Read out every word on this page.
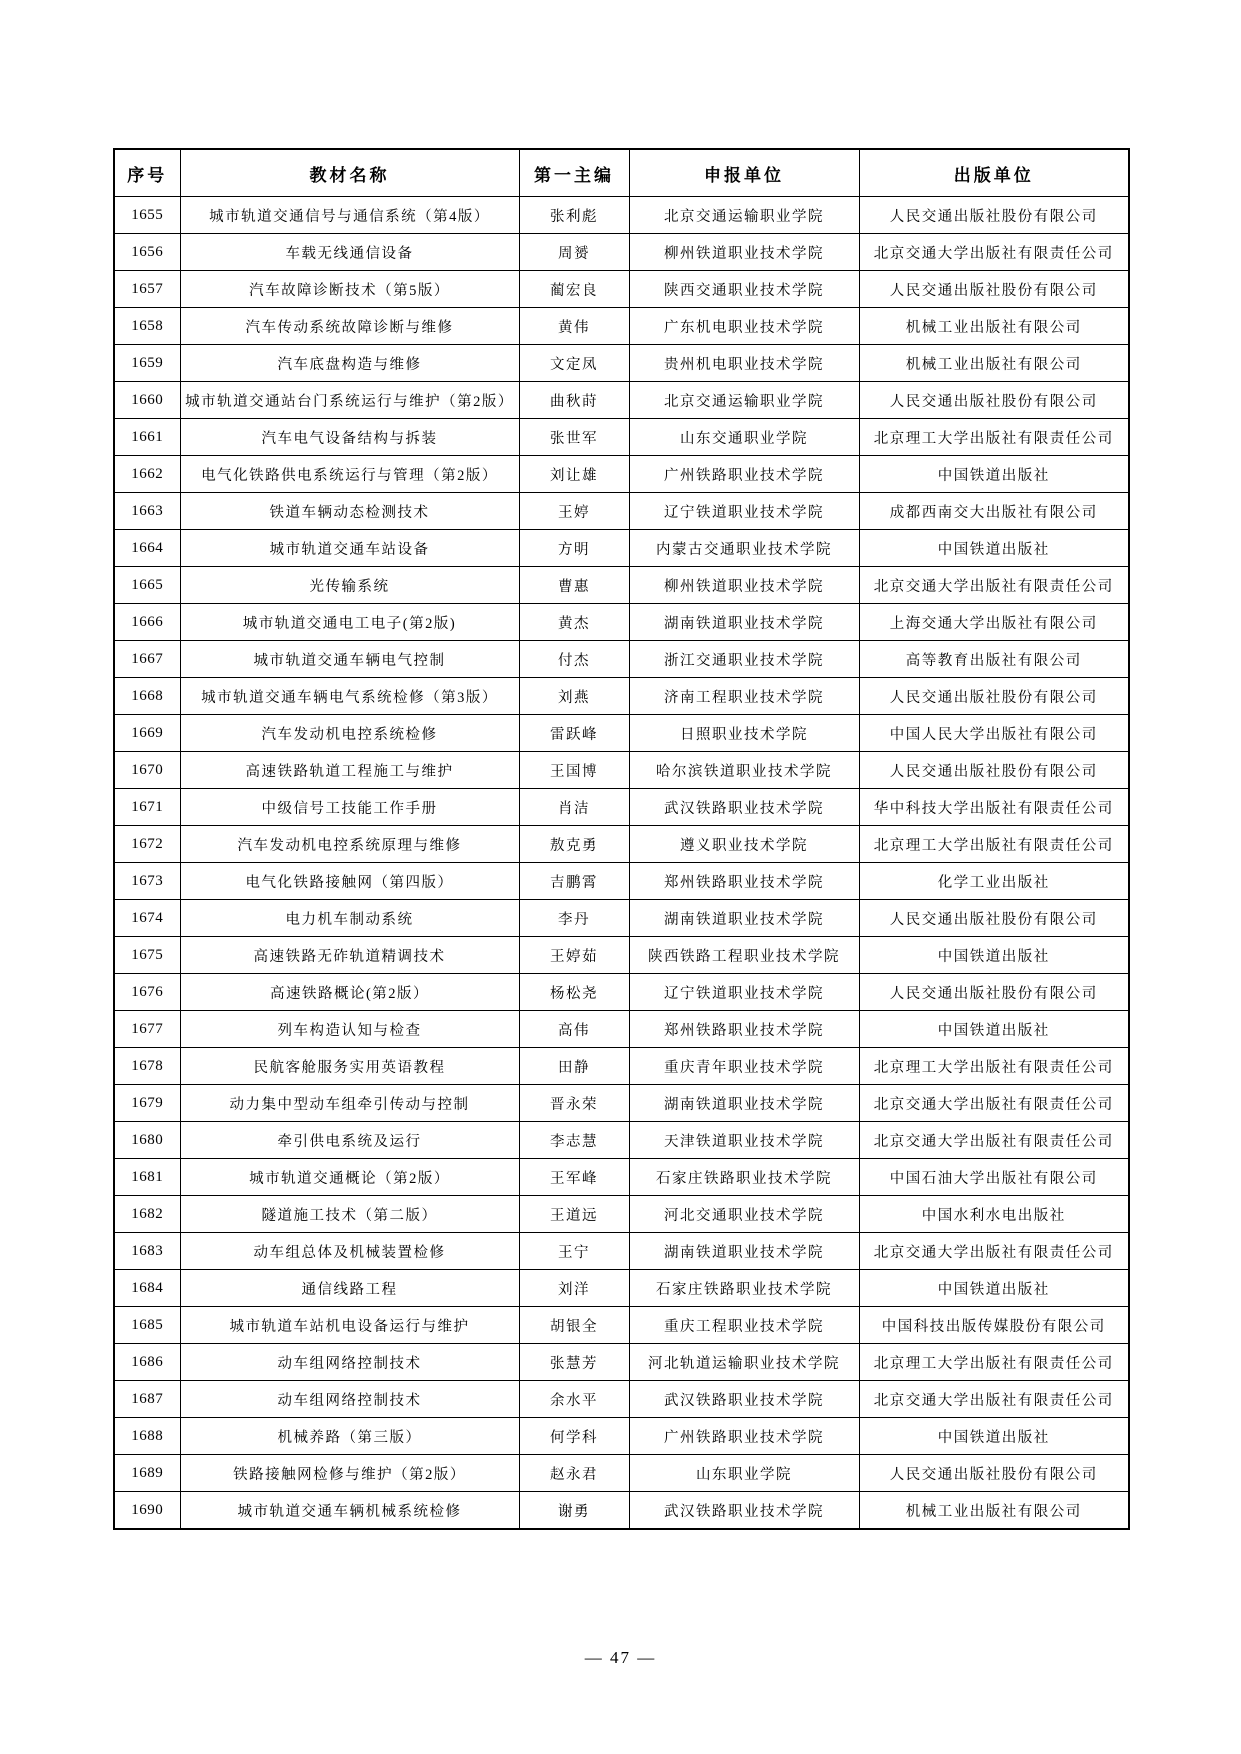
序号	教材名称	第一主编	申报单位	出版单位
1655	城市轨道交通信号与通信系统（第4版）	张利彪	北京交通运输职业学院	人民交通出版社股份有限公司
1656	车载无线通信设备	周赟	柳州铁道职业技术学院	北京交通大学出版社有限责任公司
1657	汽车故障诊断技术（第5版）	蔺宏良	陕西交通职业技术学院	人民交通出版社股份有限公司
1658	汽车传动系统故障诊断与维修	黄伟	广东机电职业技术学院	机械工业出版社有限公司
1659	汽车底盘构造与维修	文定凤	贵州机电职业技术学院	机械工业出版社有限公司
1660	城市轨道交通站台门系统运行与维护（第2版）	曲秋莳	北京交通运输职业学院	人民交通出版社股份有限公司
1661	汽车电气设备结构与拆装	张世军	山东交通职业学院	北京理工大学出版社有限责任公司
1662	电气化铁路供电系统运行与管理（第2版）	刘让雄	广州铁路职业技术学院	中国铁道出版社
1663	铁道车辆动态检测技术	王婷	辽宁铁道职业技术学院	成都西南交大出版社有限公司
1664	城市轨道交通车站设备	方明	内蒙古交通职业技术学院	中国铁道出版社
1665	光传输系统	曹惠	柳州铁道职业技术学院	北京交通大学出版社有限责任公司
1666	城市轨道交通电工电子(第2版)	黄杰	湖南铁道职业技术学院	上海交通大学出版社有限公司
1667	城市轨道交通车辆电气控制	付杰	浙江交通职业技术学院	高等教育出版社有限公司
1668	城市轨道交通车辆电气系统检修（第3版）	刘燕	济南工程职业技术学院	人民交通出版社股份有限公司
1669	汽车发动机电控系统检修	雷跃峰	日照职业技术学院	中国人民大学出版社有限公司
1670	高速铁路轨道工程施工与维护	王国博	哈尔滨铁道职业技术学院	人民交通出版社股份有限公司
1671	中级信号工技能工作手册	肖洁	武汉铁路职业技术学院	华中科技大学出版社有限责任公司
1672	汽车发动机电控系统原理与维修	敖克勇	遵义职业技术学院	北京理工大学出版社有限责任公司
1673	电气化铁路接触网（第四版）	吉鹏霄	郑州铁路职业技术学院	化学工业出版社
1674	电力机车制动系统	李丹	湖南铁道职业技术学院	人民交通出版社股份有限公司
1675	高速铁路无砟轨道精调技术	王婷茹	陕西铁路工程职业技术学院	中国铁道出版社
1676	高速铁路概论(第2版）	杨松尧	辽宁铁道职业技术学院	人民交通出版社股份有限公司
1677	列车构造认知与检查	高伟	郑州铁路职业技术学院	中国铁道出版社
1678	民航客舱服务实用英语教程	田静	重庆青年职业技术学院	北京理工大学出版社有限责任公司
1679	动力集中型动车组牵引传动与控制	晋永荣	湖南铁道职业技术学院	北京交通大学出版社有限责任公司
1680	牵引供电系统及运行	李志慧	天津铁道职业技术学院	北京交通大学出版社有限责任公司
1681	城市轨道交通概论（第2版）	王军峰	石家庄铁路职业技术学院	中国石油大学出版社有限公司
1682	隧道施工技术（第二版）	王道远	河北交通职业技术学院	中国水利水电出版社
1683	动车组总体及机械装置检修	王宁	湖南铁道职业技术学院	北京交通大学出版社有限责任公司
1684	通信线路工程	刘洋	石家庄铁路职业技术学院	中国铁道出版社
1685	城市轨道车站机电设备运行与维护	胡银全	重庆工程职业技术学院	中国科技出版传媒股份有限公司
1686	动车组网络控制技术	张慧芳	河北轨道运输职业技术学院	北京理工大学出版社有限责任公司
1687	动车组网络控制技术	余水平	武汉铁路职业技术学院	北京交通大学出版社有限责任公司
1688	机械养路（第三版）	何学科	广州铁路职业技术学院	中国铁道出版社
1689	铁路接触网检修与维护（第2版）	赵永君	山东职业学院	人民交通出版社股份有限公司
1690	城市轨道交通车辆机械系统检修	谢勇	武汉铁路职业技术学院	机械工业出版社有限公司
— 47 —
